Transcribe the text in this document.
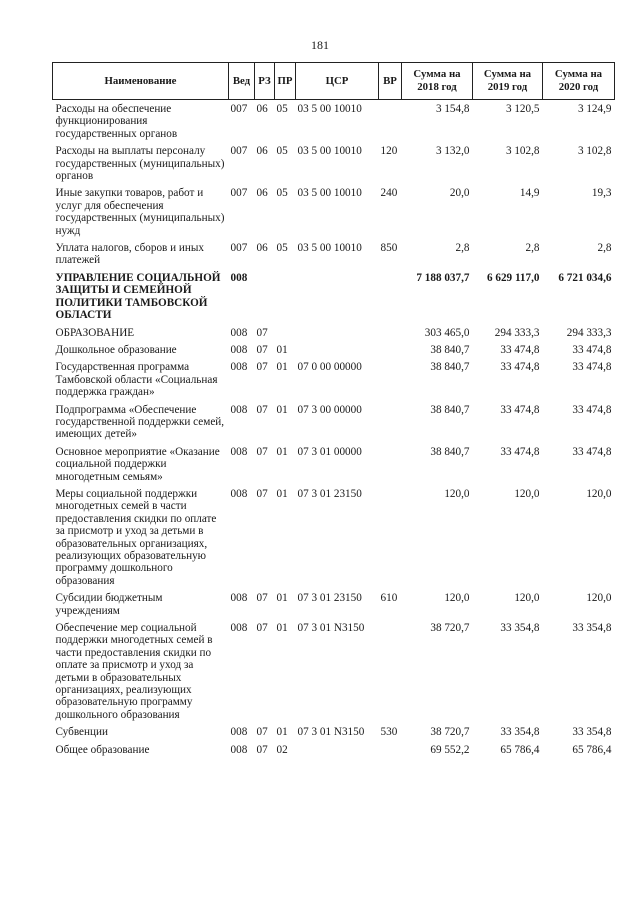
181
Наименование	Вед	РЗ	ПР	ЦСР	ВР	Сумма на 2018 год	Сумма на 2019 год	Сумма на 2020 год
Расходы на обеспечение функционирования государственных органов	007	06	05	03 5 00 10010		3 154,8	3 120,5	3 124,9
Расходы на выплаты персоналу государственных (муниципальных) органов	007	06	05	03 5 00 10010	120	3 132,0	3 102,8	3 102,8
Иные закупки товаров, работ и услуг для обеспечения государственных (муниципальных) нужд	007	06	05	03 5 00 10010	240	20,0	14,9	19,3
Уплата налогов, сборов и иных платежей	007	06	05	03 5 00 10010	850	2,8	2,8	2,8
УПРАВЛЕНИЕ СОЦИАЛЬНОЙ ЗАЩИТЫ И СЕМЕЙНОЙ ПОЛИТИКИ ТАМБОВСКОЙ ОБЛАСТИ	008					7 188 037,7	6 629 117,0	6 721 034,6
ОБРАЗОВАНИЕ	008	07				303 465,0	294 333,3	294 333,3
Дошкольное образование	008	07	01			38 840,7	33 474,8	33 474,8
Государственная программа Тамбовской области «Социальная поддержка граждан»	008	07	01	07 0 00 00000		38 840,7	33 474,8	33 474,8
Подпрограмма «Обеспечение государственной поддержки семей, имеющих детей»	008	07	01	07 3 00 00000		38 840,7	33 474,8	33 474,8
Основное мероприятие «Оказание социальной поддержки многодетным семьям»	008	07	01	07 3 01 00000		38 840,7	33 474,8	33 474,8
Меры социальной поддержки многодетных семей в части предоставления скидки по оплате за присмотр и уход за детьми в образовательных организациях, реализующих образовательную программу дошкольного образования	008	07	01	07 3 01 23150		120,0	120,0	120,0
Субсидии бюджетным учреждениям	008	07	01	07 3 01 23150	610	120,0	120,0	120,0
Обеспечение мер социальной поддержки многодетных семей в части предоставления скидки по оплате за присмотр и уход за детьми в образовательных организациях, реализующих образовательную программу дошкольного образования	008	07	01	07 3 01 N3150		38 720,7	33 354,8	33 354,8
Субвенции	008	07	01	07 3 01 N3150	530	38 720,7	33 354,8	33 354,8
Общее образование	008	07	02			69 552,2	65 786,4	65 786,4
